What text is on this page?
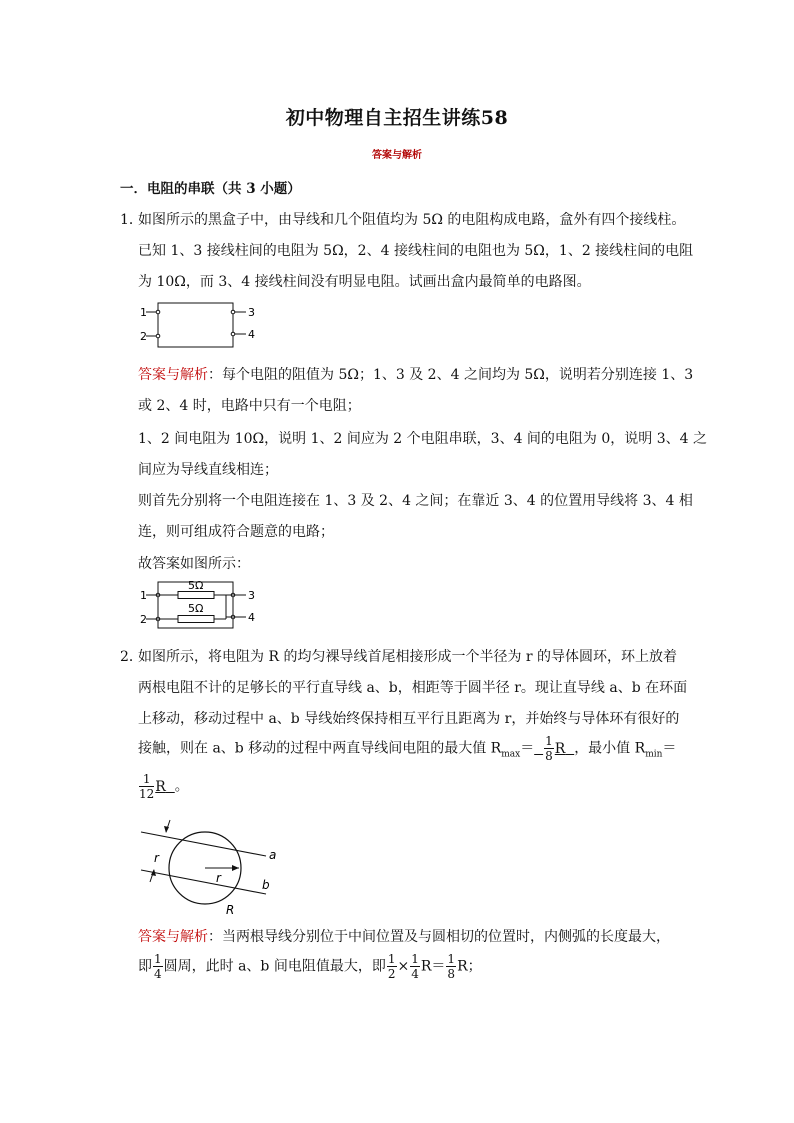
初中物理自主招生讲练58
答案与解析
一．电阻的串联（共 3 小题）
1．
如图所示的黑盒子中，由导线和几个阻值均为 5Ω 的电阻构成电路，盒外有四个接线柱。
已知 1、3 接线柱间的电阻为 5Ω，2、4 接线柱间的电阻也为 5Ω，1、2 接线柱间的电阻
为 10Ω，而 3、4 接线柱间没有明显电阻。试画出盒内最简单的电路图。
1
2
3
4
答案与解析：每个电阻的阻值为 5Ω；1、3 及 2、4 之间均为 5Ω，说明若分别连接 1、3
或 2、4 时，电路中只有一个电阻；
1、2 间电阻为 10Ω，说明 1、2 间应为 2 个电阻串联，3、4 间的电阻为 0，说明 3、4 之
间应为导线直线相连；
则首先分别将一个电阻连接在 1、3 及 2、4 之间；在靠近 3、4 的位置用导线将 3、4 相
连，则可组成符合题意的电路；
故答案如图所示：
5Ω
5Ω
1
2
3
4
2．
如图所示，将电阻为 R 的均匀裸导线首尾相接形成一个半径为 r 的导体圆环，环上放着
两根电阻不计的足够长的平行直导线 a、b，相距等于圆半径 r。现让直导线 a、b 在环面
上移动，移动过程中 a、b 导线始终保持相互平行且距离为 r，并始终与导体环有很好的
接触，则在 a、b 移动的过程中两直导线间电阻的最大值 $R_{max}= \frac{1}{8}$ R ，最小值 $R_{min}=$
$\frac{1}{12}$ R 。
a
b
r
r
R
答案与解析：当两根导线分别位于中间位置及与圆相切的位置时，内侧弧的长度最大，
即 $\frac{1}{4}$ 圆周，此时 a、b 间电阻值最大，即 $\frac{1}{2} \times \frac{1}{4} R= \frac{1}{8}$ R；
